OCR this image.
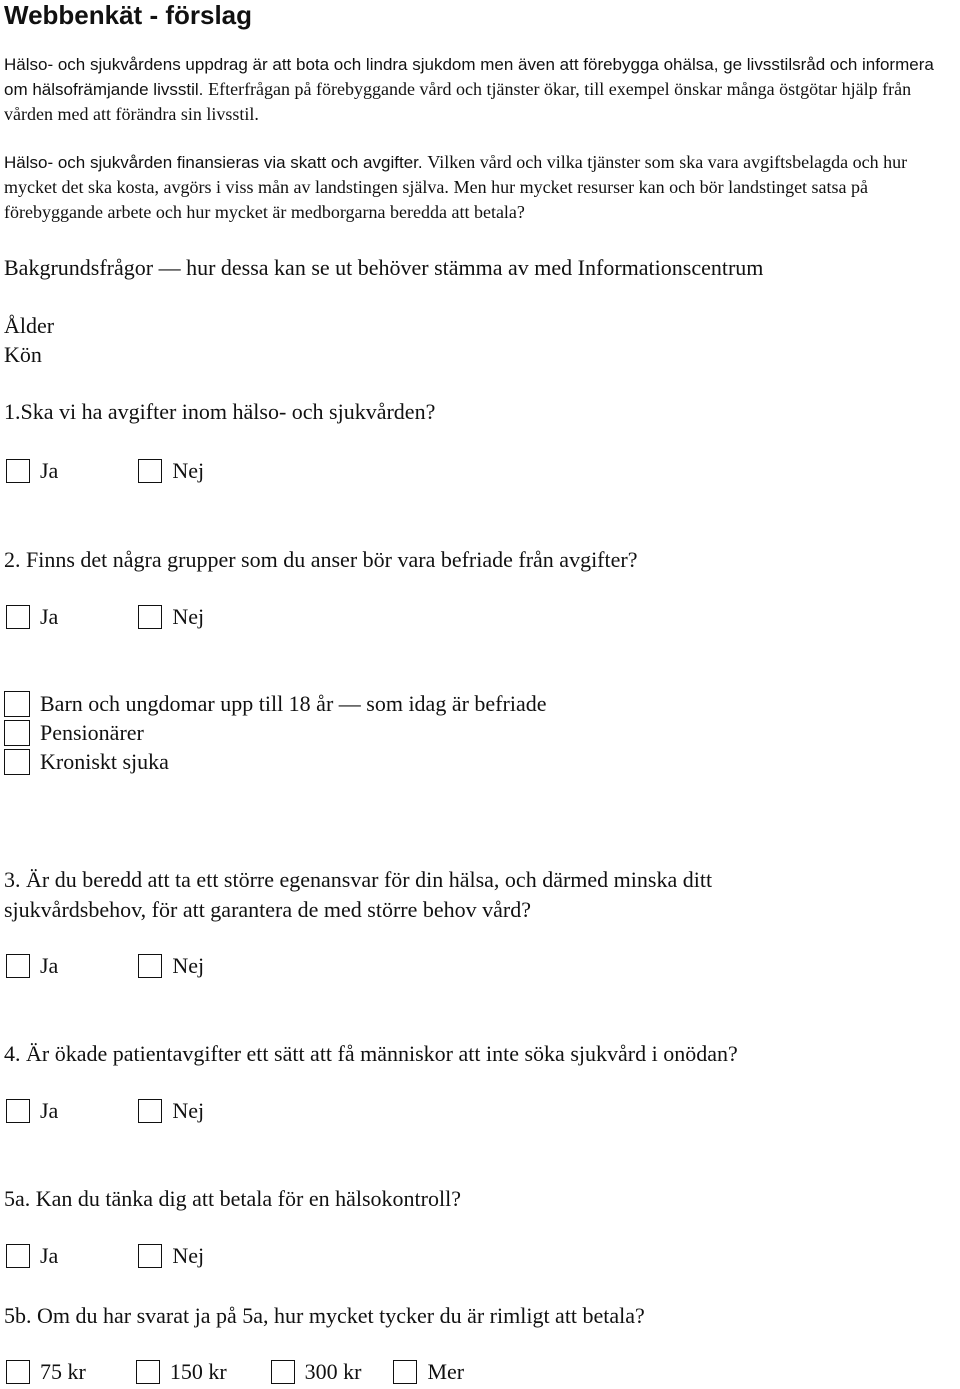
Webbenkät - förslag
Hälso- och sjukvårdens uppdrag är att bota och lindra sjukdom men även att förebygga ohälsa, ge livsstilsråd och informera om hälsofrämjande livsstil. Efterfrågan på förebyggande vård och tjänster ökar, till exempel önskar många östgötar hjälp från vården med att förändra sin livsstil.
Hälso- och sjukvården finansieras via skatt och avgifter. Vilken vård och vilka tjänster som ska vara avgiftsbelagda och hur mycket det ska kosta, avgörs i viss mån av landstingen själva. Men hur mycket resurser kan och bör landstinget satsa på förebyggande arbete och hur mycket är medborgarna beredda att betala?
Bakgrundsfrågor — hur dessa kan se ut behöver stämma av med Informationscentrum
Ålder
Kön
1.Ska vi ha avgifter inom hälso- och sjukvården?
Ja	Nej
2. Finns det några grupper som du anser bör vara befriade från avgifter?
Ja	Nej
Barn och ungdomar upp till 18 år — som idag är befriade
Pensionärer
Kroniskt sjuka
3. Är du beredd att ta ett större egenansvar för din hälsa, och därmed minska ditt
sjukvårdsbehov, för att garantera de med större behov vård?
Ja	Nej
4. Är ökade patientavgifter ett sätt att få människor att inte söka sjukvård i onödan?
Ja	Nej
5a. Kan du tänka dig att betala för en hälsokontroll?
Ja	Nej
5b. Om du har svarat ja på 5a, hur mycket tycker du är rimligt att betala?
75 kr	150 kr	300 kr	Mer
